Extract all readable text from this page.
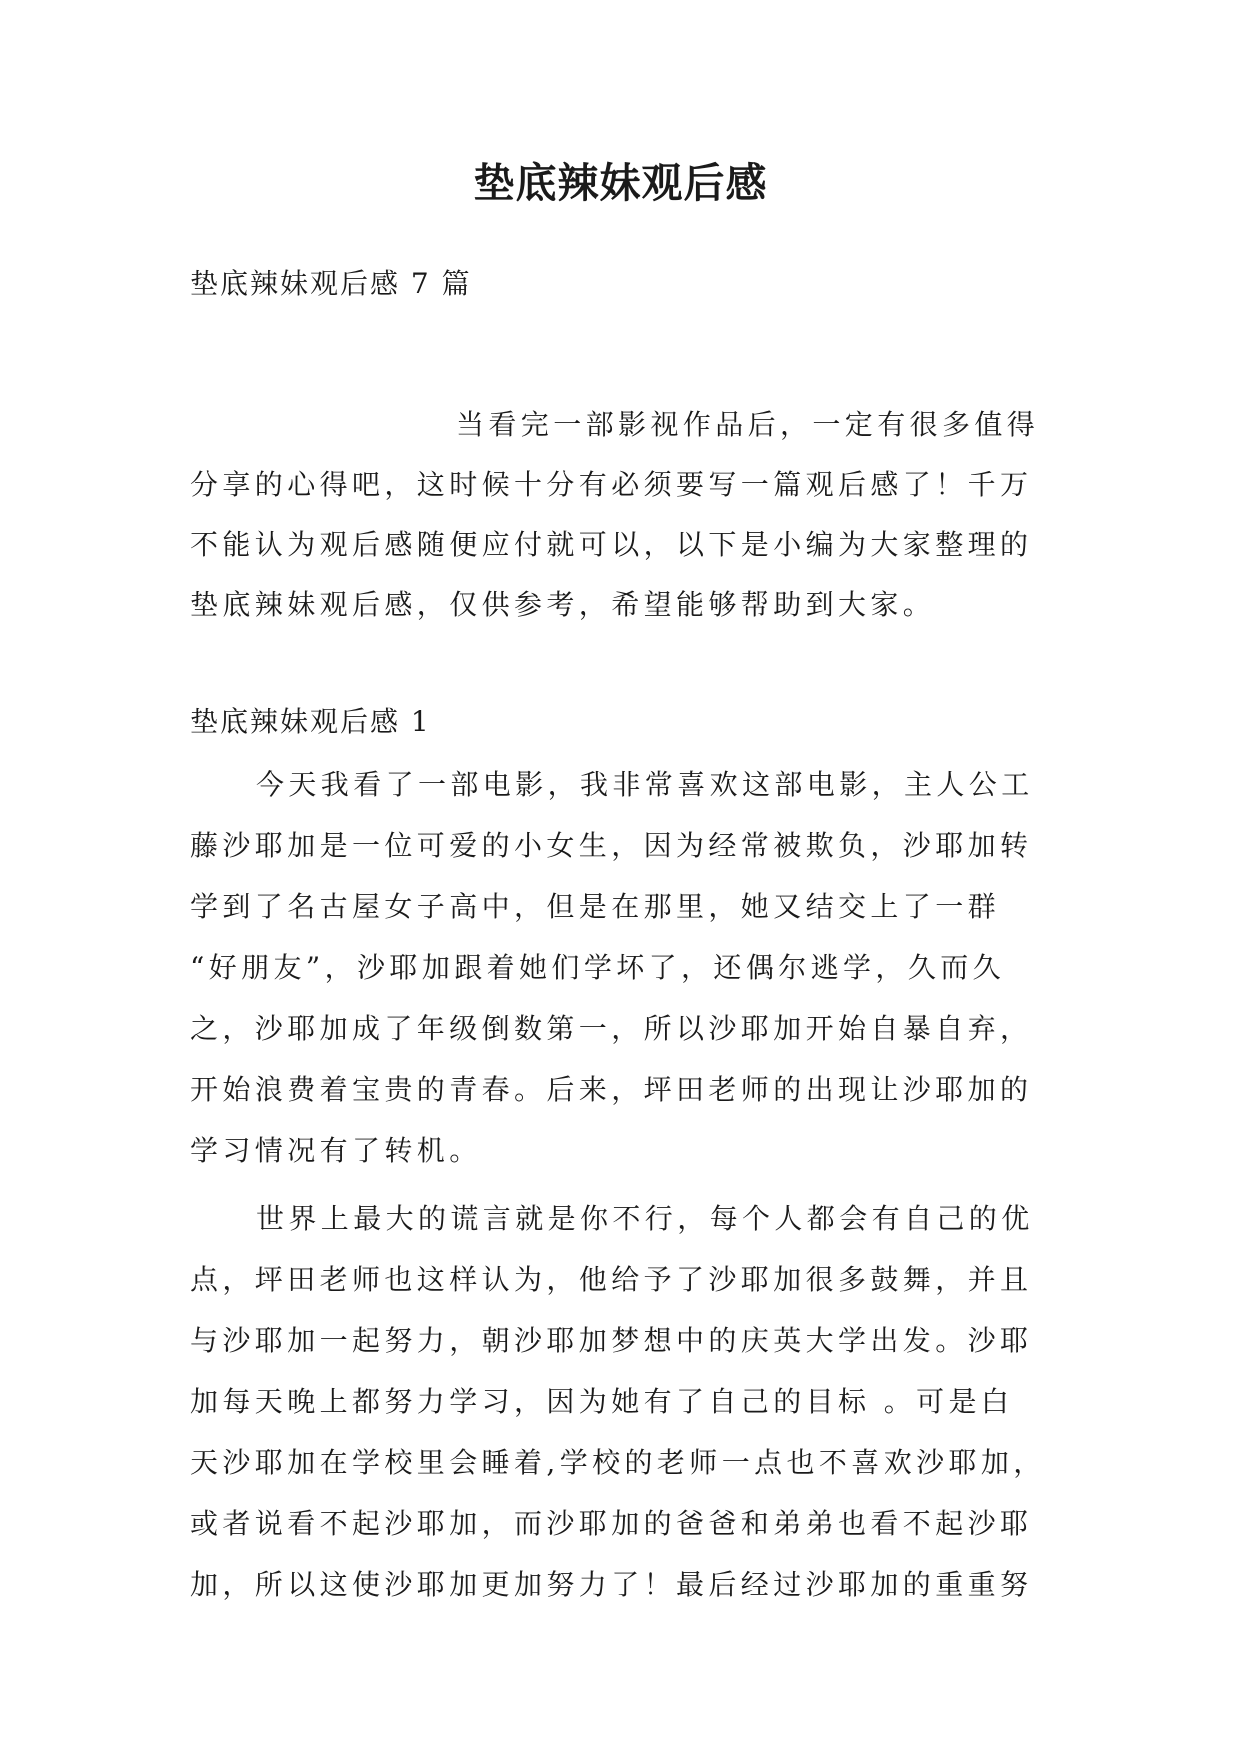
垫底辣妹观后感
垫底辣妹观后感 7 篇
当看完一部影视作品后，一定有很多值得
分享的心得吧，这时候十分有必须要写一篇观后感了！千万
不能认为观后感随便应付就可以，以下是小编为大家整理的
垫底辣妹观后感，仅供参考，希望能够帮助到大家。
垫底辣妹观后感 1
今天我看了一部电影，我非常喜欢这部电影，主人公工
藤沙耶加是一位可爱的小女生，因为经常被欺负，沙耶加转
学到了名古屋女子高中，但是在那里，她又结交上了一群
“好朋友”，沙耶加跟着她们学坏了，还偶尔逃学，久而久
之，沙耶加成了年级倒数第一，所以沙耶加开始自暴自弃，
开始浪费着宝贵的青春。后来，坪田老师的出现让沙耶加的
学习情况有了转机。
世界上最大的谎言就是你不行，每个人都会有自己的优
点，坪田老师也这样认为，他给予了沙耶加很多鼓舞，并且
与沙耶加一起努力，朝沙耶加梦想中的庆英大学出发。沙耶
加每天晚上都努力学习，因为她有了自己的目标 。可是白
天沙耶加在学校里会睡着,学校的老师一点也不喜欢沙耶加，
或者说看不起沙耶加，而沙耶加的爸爸和弟弟也看不起沙耶
加，所以这使沙耶加更加努力了！最后经过沙耶加的重重努
